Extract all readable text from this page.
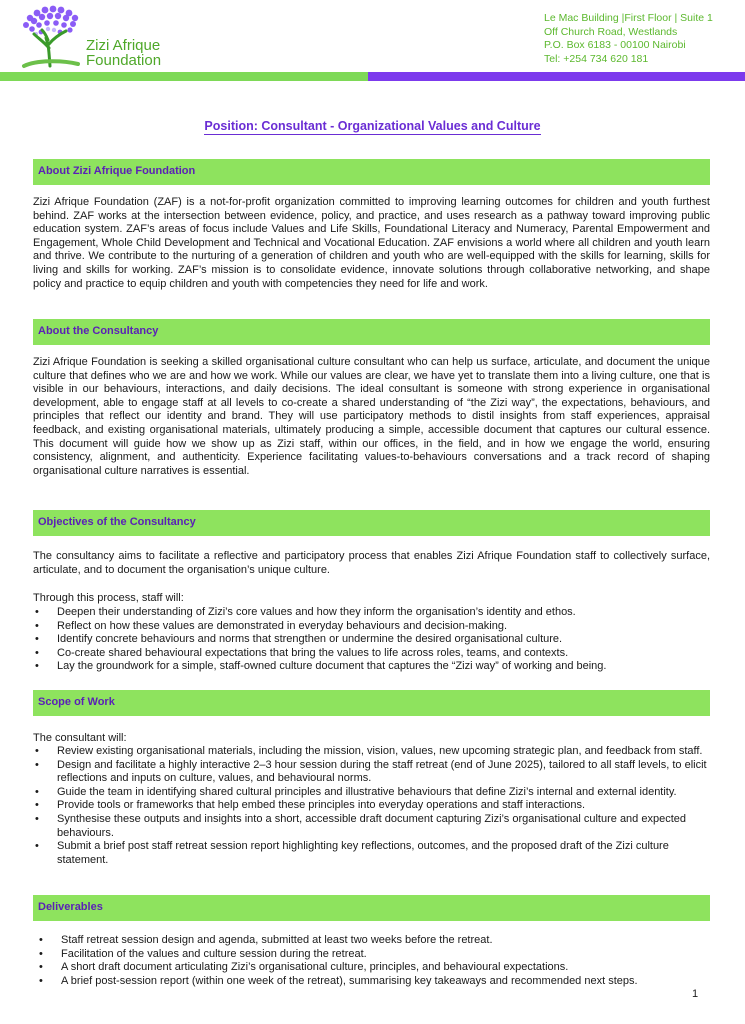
Zizi Afrique
Foundation
Le Mac Building |First Floor | Suite 1
Off Church Road, Westlands
P.O. Box 6183 - 00100 Nairobi
Tel: +254 734 620 181
Position: Consultant - Organizational Values and Culture
About Zizi Afrique Foundation

Zizi Afrique Foundation (ZAF) is a not-for-profit organization committed to improving learning outcomes for children and youth furthest behind. ZAF works at the intersection between evidence, policy, and practice, and uses research as a pathway toward improving public education system. ZAF’s areas of focus include Values and Life Skills, Foundational Literacy and Numeracy, Parental Empowerment and Engagement, Whole Child Development and Technical and Vocational Education. ZAF envisions a world where all children and youth learn and thrive. We contribute to the nurturing of a generation of children and youth who are well-equipped with the skills for learning, skills for living and skills for working. ZAF’s mission is to consolidate evidence, innovate solutions through collaborative networking, and shape policy and practice to equip children and youth with competencies they need for life and work.

About the Consultancy

Zizi Afrique Foundation is seeking a skilled organisational culture consultant who can help us surface, articulate, and document the unique culture that defines who we are and how we work. While our values are clear, we have yet to translate them into a living culture, one that is visible in our behaviours, interactions, and daily decisions. The ideal consultant is someone with strong experience in organisational development, able to engage staff at all levels to co-create a shared understanding of “the Zizi way”, the expectations, behaviours, and principles that reflect our identity and brand. They will use participatory methods to distil insights from staff experiences, appraisal feedback, and existing organisational materials, ultimately producing a simple, accessible document that captures our cultural essence. This document will guide how we show up as Zizi staff, within our offices, in the field, and in how we engage the world, ensuring consistency, alignment, and authenticity. Experience facilitating values-to-behaviours conversations and a track record of shaping organisational culture narratives is essential.

Objectives of the Consultancy

The consultancy aims to facilitate a reflective and participatory process that enables Zizi Afrique Foundation staff to collectively surface, articulate, and to document the organisation’s unique culture.

Through this process, staff will:

• Deepen their understanding of Zizi’s core values and how they inform the organisation’s identity and ethos.
• Reflect on how these values are demonstrated in everyday behaviours and decision-making.
• Identify concrete behaviours and norms that strengthen or undermine the desired organisational culture.
• Co-create shared behavioural expectations that bring the values to life across roles, teams, and contexts.
• Lay the groundwork for a simple, staff-owned culture document that captures the “Zizi way” of working and being.
Scope of Work

The consultant will:

• Review existing organisational materials, including the mission, vision, values, new upcoming strategic plan, and feedback from staff.
• Design and facilitate a highly interactive 2–3 hour session during the staff retreat (end of June 2025), tailored to all staff levels, to elicit reflections and inputs on culture, values, and behavioural norms.
• Guide the team in identifying shared cultural principles and illustrative behaviours that define Zizi’s internal and external identity.
• Provide tools or frameworks that help embed these principles into everyday operations and staff interactions.
• Synthesise these outputs and insights into a short, accessible draft document capturing Zizi’s organisational culture and expected behaviours.
• Submit a brief post staff retreat session report highlighting key reflections, outcomes, and the proposed draft of the Zizi culture statement.
Deliverables
• Staff retreat session design and agenda, submitted at least two weeks before the retreat.
• Facilitation of the values and culture session during the retreat.
• A short draft document articulating Zizi’s organisational culture, principles, and behavioural expectations.
• A brief post-session report (within one week of the retreat), summarising key takeaways and recommended next steps.
1
